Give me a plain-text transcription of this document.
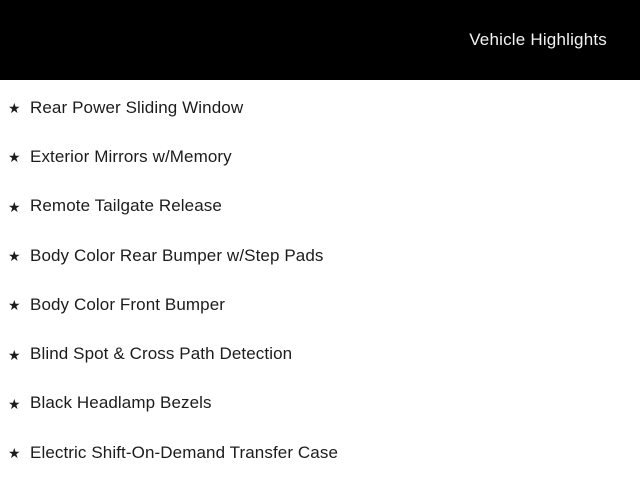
Vehicle Highlights
★ Rear Power Sliding Window
★ Exterior Mirrors w/Memory
★ Remote Tailgate Release
★ Body Color Rear Bumper w/Step Pads
★ Body Color Front Bumper
★ Blind Spot & Cross Path Detection
★ Black Headlamp Bezels
★ Electric Shift-On-Demand Transfer Case
